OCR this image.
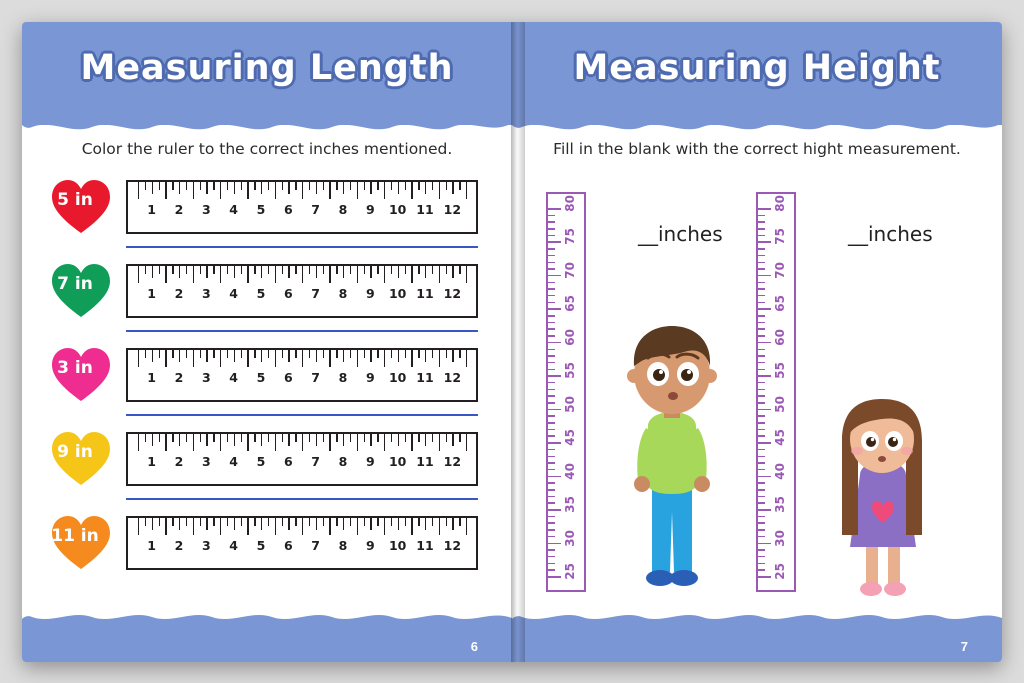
Measuring Length
Color the ruler to the correct inches mentioned.
5 in	1 2 3 4 5 6 7 8 9 10 11 12
7 in	1 2 3 4 5 6 7 8 9 10 11 12
3 in	1 2 3 4 5 6 7 8 9 10 11 12
9 in	1 2 3 4 5 6 7 8 9 10 11 12
11 in	1 2 3 4 5 6 7 8 9 10 11 12
6
Measuring Height
Fill in the blank with the correct hight measurement.
80
75
70
65
60
55
50
45
40
35
30
25
__inches
80
75
70
65
60
55
50
45
40
35
30
25
__inches
7
